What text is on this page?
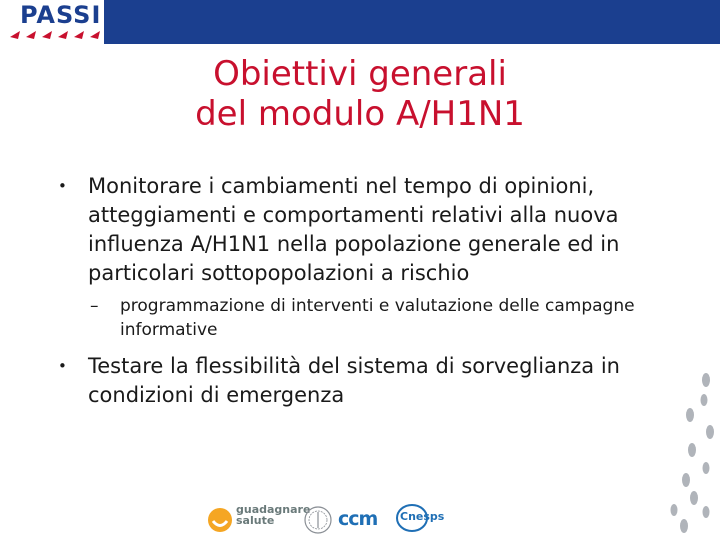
PASSI
Obiettivi generali
del modulo A/H1N1
• Monitorare i cambiamenti nel tempo di opinioni, atteggiamenti e comportamenti relativi alla nuova influenza A/H1N1 nella popolazione generale ed in particolari sottopopolazioni a rischio
– programmazione di interventi e valutazione delle campagne informative
• Testare la flessibilità del sistema di sorveglianza in condizioni di emergenza
guadagnare
salute	ccm	Cnesps
